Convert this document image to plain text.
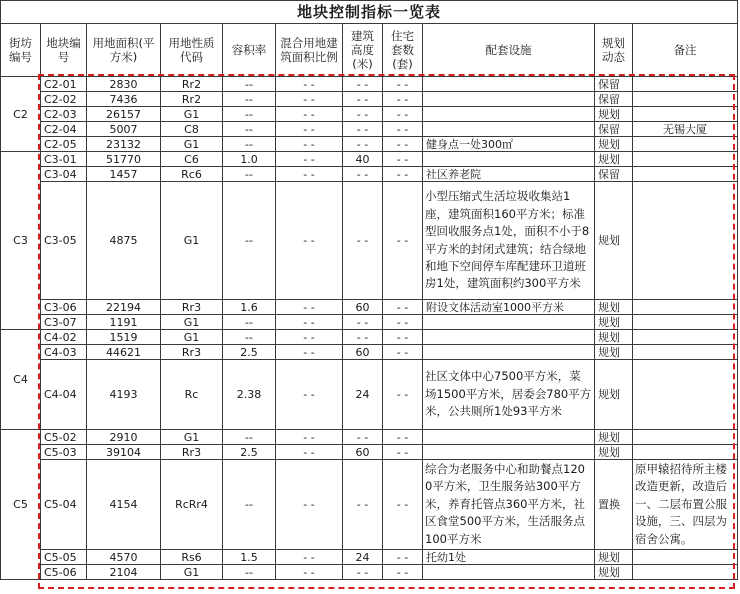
地块控制指标一览表										
街坊编号	地块编号	用地面积(平方米)	用地性质代码	容积率	混合用地建筑面积比例	建筑高度(米)	住宅套数(套)	配套设施	规划动态	备注
C2	C2-01	2830	Rr2	--	- -	- -	- -		保留	
	C2-02	7436	Rr2	--	- -	- -	- -		保留	
	C2-03	26157	G1	--	- -	- -	- -		规划	
	C2-04	5007	C8	--	- -	- -	- -		保留	无锡大厦
	C2-05	23132	G1	--	- -	- -	- -	健身点一处300㎡	规划	
C3	C3-01	51770	C6	1.0	- -	40	- -		规划	
	C3-04	1457	Rc6	--	- -	- -	- -	社区养老院	保留	
	C3-05	4875	G1	--	- -	- -	- -	小型压缩式生活垃圾收集站1座，建筑面积160平方米；标准型回收服务点1处，面积不小于8平方米的封闭式建筑；结合绿地和地下空间停车库配建环卫道班房1处，建筑面积约300平方米	规划	
	C3-06	22194	Rr3	1.6	- -	60	- -	附设文体活动室1000平方米	规划	
	C3-07	1191	G1	--	- -	- -	- -		规划	
C4	C4-02	1519	G1	--	- -	- -	- -		规划	
	C4-03	44621	Rr3	2.5	- -	60	- -		规划	
	C4-04	4193	Rc	2.38	- -	24	- -	社区文体中心7500平方米，菜场1500平方米，居委会780平方米，公共厕所1处93平方米	规划	
C5	C5-02	2910	G1	--	- -	- -	- -		规划	
	C5-03	39104	Rr3	2.5	- -	60	- -		规划	
	C5-04	4154	RcRr4	--	- -	- -	- -	综合为老服务中心和助餐点1200平方米，卫生服务站300平方米，养育托管点360平方米，社区食堂500平方米，生活服务点100平方米	置换	原甲辕招待所主楼改造更新，改造后一、二层布置公服设施，三、四层为宿舍公寓。
	C5-05	4570	Rs6	1.5	- -	24	- -	托幼1处	规划	
	C5-06	2104	G1	--	- -	- -	- -		规划	
